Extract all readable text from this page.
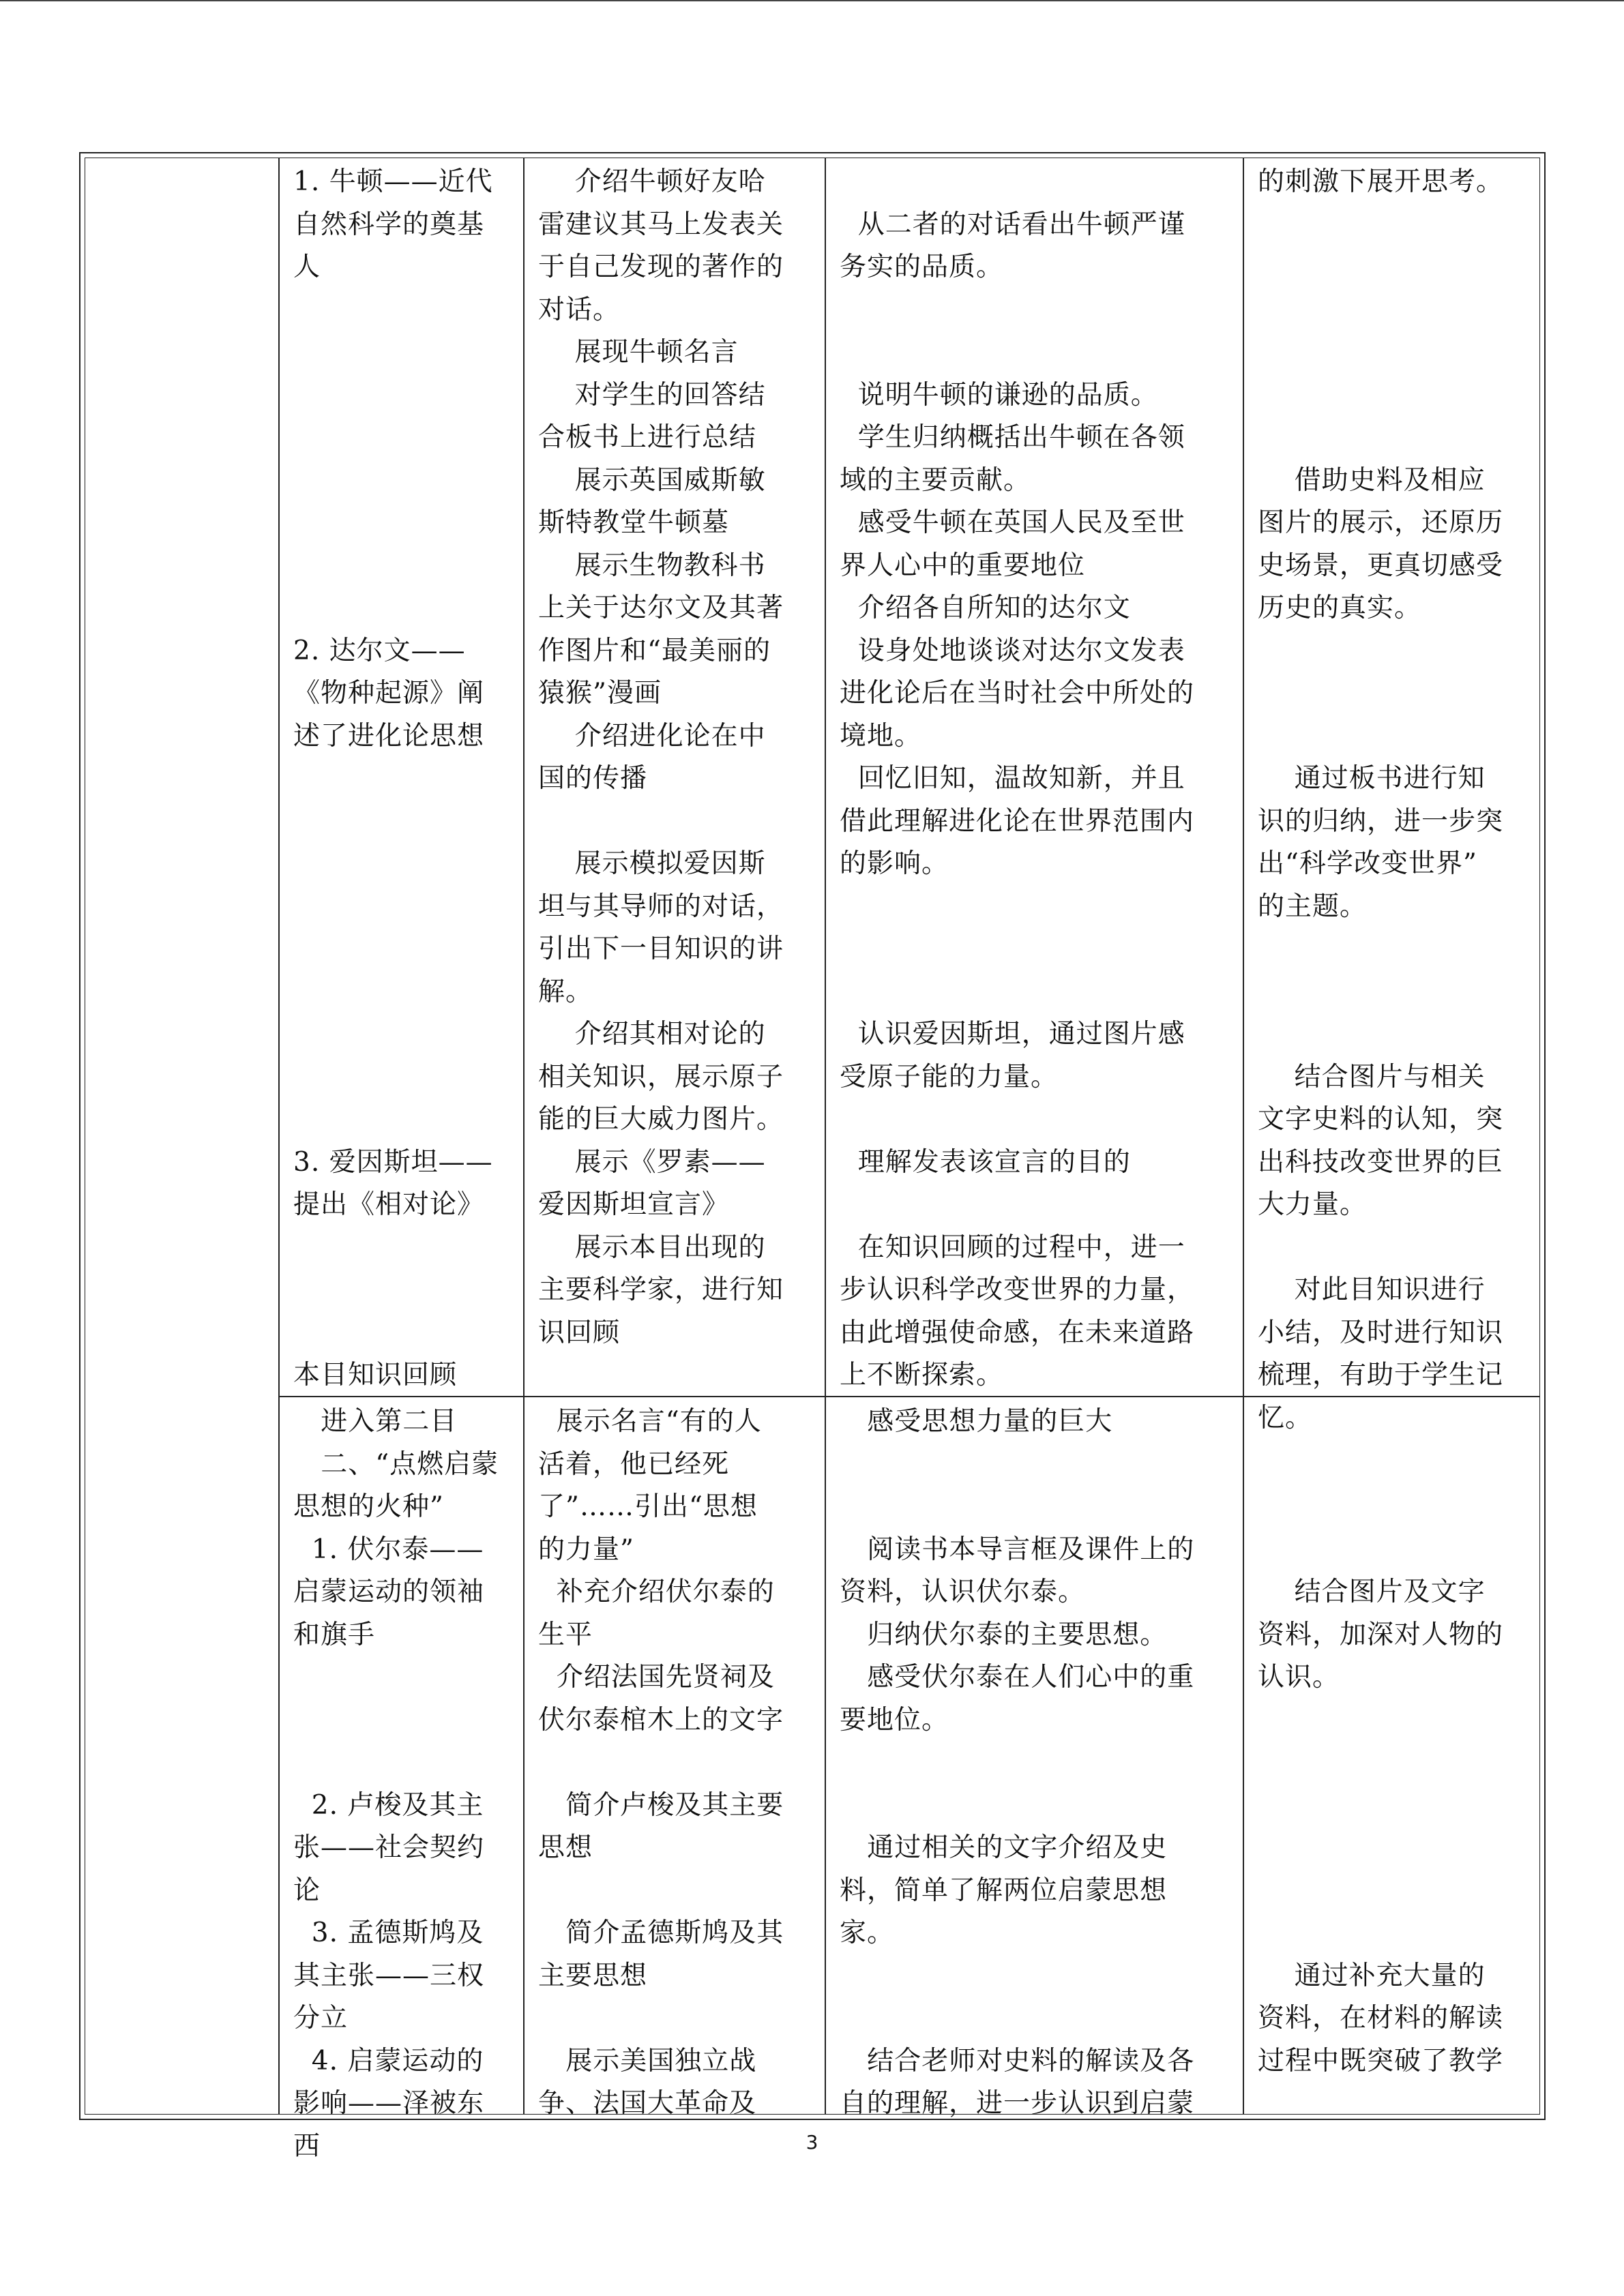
1. 牛顿——近代
自然科学的奠基
人

2. 达尔文——
《物种起源》阐
述了进化论思想

3. 爱因斯坦——
提出《相对论》

本目知识回顾
介绍牛顿好友哈
雷建议其马上发表关
于自己发现的著作的
对话。
展现牛顿名言
对学生的回答结
合板书上进行总结
展示英国威斯敏
斯特教堂牛顿墓
展示生物教科书
上关于达尔文及其著
作图片和“最美丽的
猿猴”漫画
介绍进化论在中
国的传播

展示模拟爱因斯
坦与其导师的对话，
引出下一目知识的讲
解。
介绍其相对论的
相关知识，展示原子
能的巨大威力图片。
展示《罗素——
爱因斯坦宣言》
展示本目出现的
主要科学家，进行知
识回顾

从二者的对话看出牛顿严谨
务实的品质。

说明牛顿的谦逊的品质。
学生归纳概括出牛顿在各领
域的主要贡献。
感受牛顿在英国人民及至世
界人心中的重要地位
介绍各自所知的达尔文
设身处地谈谈对达尔文发表
进化论后在当时社会中所处的
境地。
回忆旧知，温故知新，并且
借此理解进化论在世界范围内
的影响。

认识爱因斯坦，通过图片感
受原子能的力量。

理解发表该宣言的目的

在知识回顾的过程中，进一
步认识科学改变世界的力量，
由此增强使命感，在未来道路
上不断探索。
的刺激下展开思考。

借助史料及相应
图片的展示，还原历
史场景，更真切感受
历史的真实。

通过板书进行知
识的归纳，进一步突
出“科学改变世界”
的主题。

结合图片与相关
文字史料的认知，突
出科技改变世界的巨
大力量。

对此目知识进行
小结，及时进行知识
梳理，有助于学生记
忆。
进入第二目
二、“点燃启蒙
思想的火种”
1. 伏尔泰——
启蒙运动的领袖
和旗手

2. 卢梭及其主
张——社会契约
论
3. 孟德斯鸠及
其主张——三权
分立
4. 启蒙运动的
影响——泽被东
西
展示名言“有的人
活着，他已经死
了”……引出“思想
的力量”
补充介绍伏尔泰的
生平
介绍法国先贤祠及
伏尔泰棺木上的文字

简介卢梭及其主要
思想

简介孟德斯鸠及其
主要思想

展示美国独立战
争、法国大革命及
感受思想力量的巨大

阅读书本导言框及课件上的
资料，认识伏尔泰。
归纳伏尔泰的主要思想。
感受伏尔泰在人们心中的重
要地位。

通过相关的文字介绍及史
料，简单了解两位启蒙思想
家。

结合老师对史料的解读及各
自的理解，进一步认识到启蒙

结合图片及文字
资料，加深对人物的
认识。

通过补充大量的
资料，在材料的解读
过程中既突破了教学
3
